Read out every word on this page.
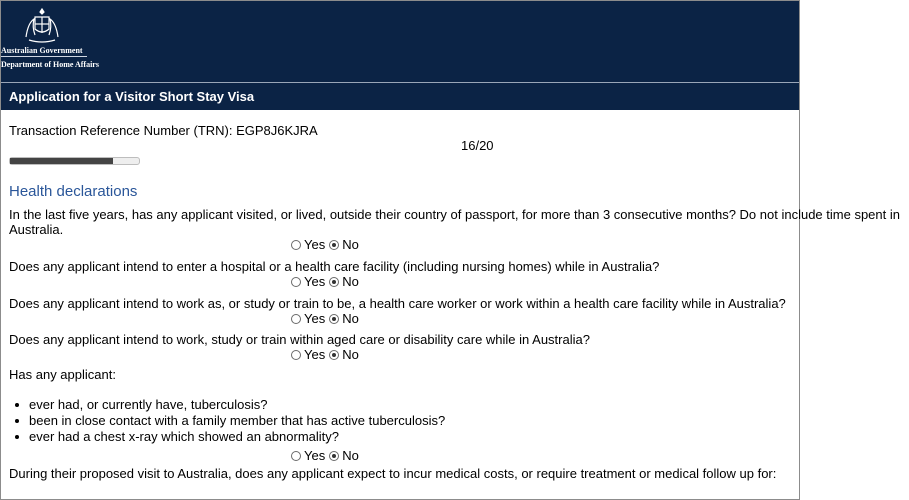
Australian Government
Department of Home Affairs
Application for a Visitor Short Stay Visa
Transaction Reference Number (TRN): EGP8J6KJRA
16/20
Health declarations
In the last five years, has any applicant visited, or lived, outside their country of passport, for more than 3 consecutive months? Do not include time spent in Australia.
Yes No
Does any applicant intend to enter a hospital or a health care facility (including nursing homes) while in Australia?
Yes No
Does any applicant intend to work as, or study or train to be, a health care worker or work within a health care facility while in Australia?
Yes No
Does any applicant intend to work, study or train within aged care or disability care while in Australia?
Yes No
Has any applicant:
ever had, or currently have, tuberculosis?
been in close contact with a family member that has active tuberculosis?
ever had a chest x-ray which showed an abnormality?
Yes No
During their proposed visit to Australia, does any applicant expect to incur medical costs, or require treatment or medical follow up for:
